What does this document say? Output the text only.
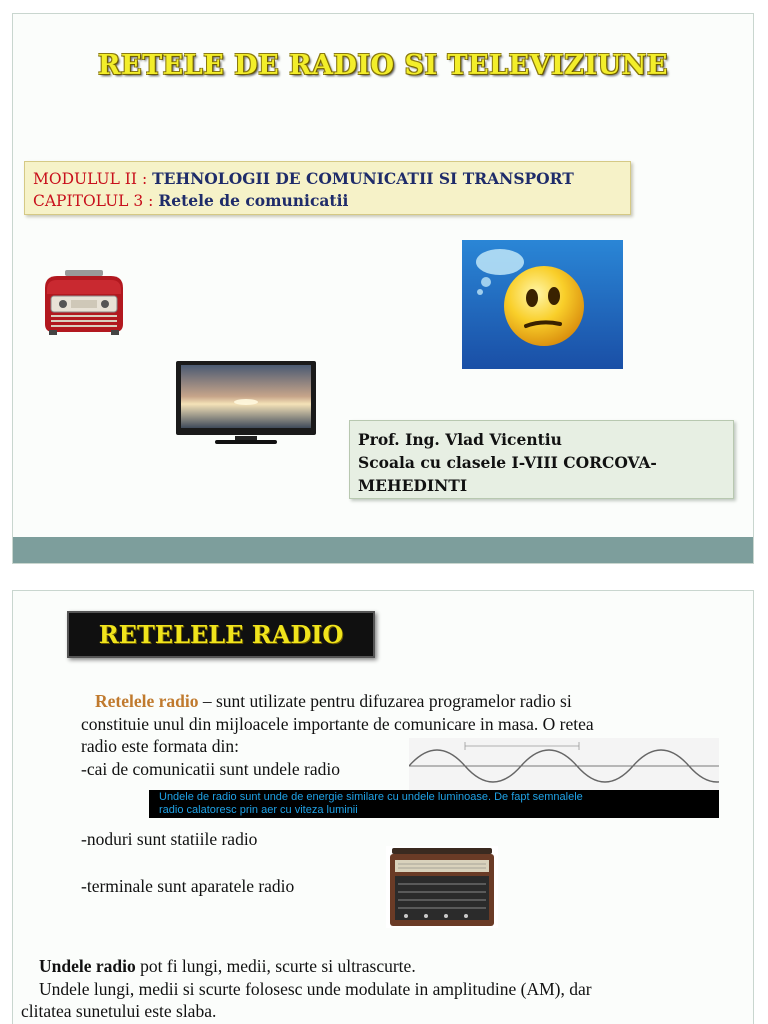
RETELE DE RADIO SI TELEVIZIUNE
MODULUL II : TEHNOLOGII DE COMUNICATII SI TRANSPORT
CAPITOLUL 3 : Retele de comunicatii
Prof. Ing. Vlad Vicentiu
Scoala cu clasele I-VIII CORCOVA-
MEHEDINTI
RETELELE RADIO
Retelele radio – sunt utilizate pentru difuzarea programelor radio si
constituie unul din mijloacele importante de comunicare in masa. O retea
radio este formata din:
-cai de comunicatii sunt undele radio
Undele de radio sunt unde de energie similare cu undele luminoase. De fapt semnalele
radio calatoresc prin aer cu viteza luminii
-noduri sunt statiile radio
-terminale sunt aparatele radio
Undele radio pot fi lungi, medii, scurte si ultrascurte.
Undele lungi, medii si scurte folosesc unde modulate in amplitudine (AM), dar
clitatea sunetului este slaba.
